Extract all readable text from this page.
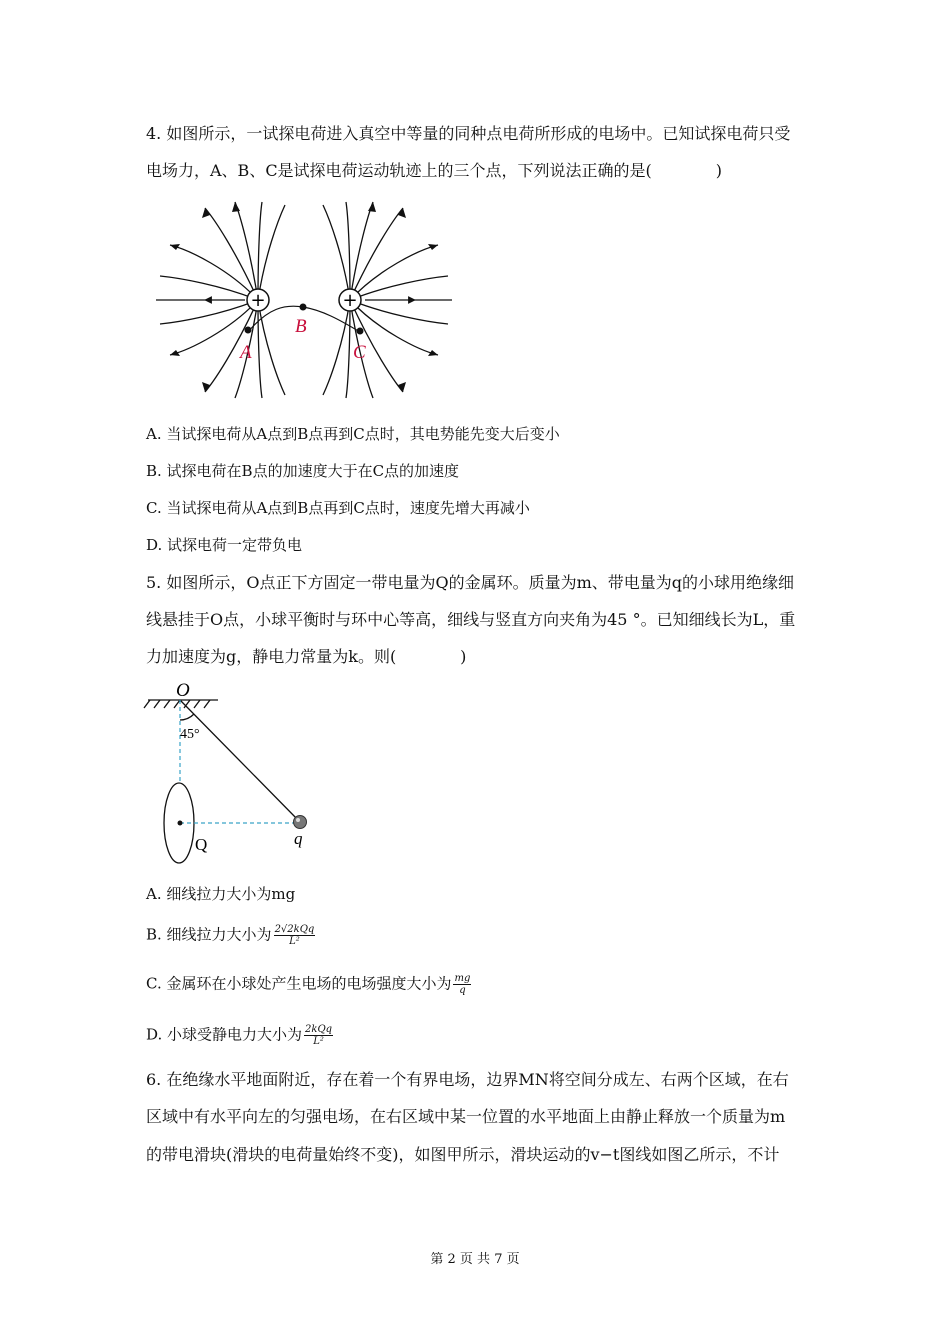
4. 如图所示，一试探电荷进入真空中等量的同种点电荷所形成的电场中。已知试探电荷只受
电场力，A、B、C是试探电荷运动轨迹上的三个点，下列说法正确的是(　　　　)
+	+
A
B
C
A. 当试探电荷从A点到B点再到C点时，其电势能先变大后变小
B. 试探电荷在B点的加速度大于在C点的加速度
C. 当试探电荷从A点到B点再到C点时，速度先增大再减小
D. 试探电荷一定带负电
5. 如图所示，O点正下方固定一带电量为Q的金属环。质量为m、带电量为q的小球用绝缘细
线悬挂于O点，小球平衡时与环中心等高，细线与竖直方向夹角为45 °。已知细线长为L，重
力加速度为g，静电力常量为k。则(　　　　)
O
45°
Q	q
A. 细线拉力大小为mg
B. 细线拉力大小为 $\frac{\text{2√2kQq}}{\text{L²}}$
C. 金属环在小球处产生电场的电场强度大小为 $\frac{mg}{q}$
D. 小球受静电力大小为 $\frac{\text{2kQq}}{\text{L²}}$
6. 在绝缘水平地面附近，存在着一个有界电场，边界MN将空间分成左、右两个区域，在右
区域中有水平向左的匀强电场，在右区域中某一位置的水平地面上由静止释放一个质量为m
的带电滑块(滑块的电荷量始终不变)，如图甲所示，滑块运动的v−t图线如图乙所示，不计
第 2 页 共 7 页
